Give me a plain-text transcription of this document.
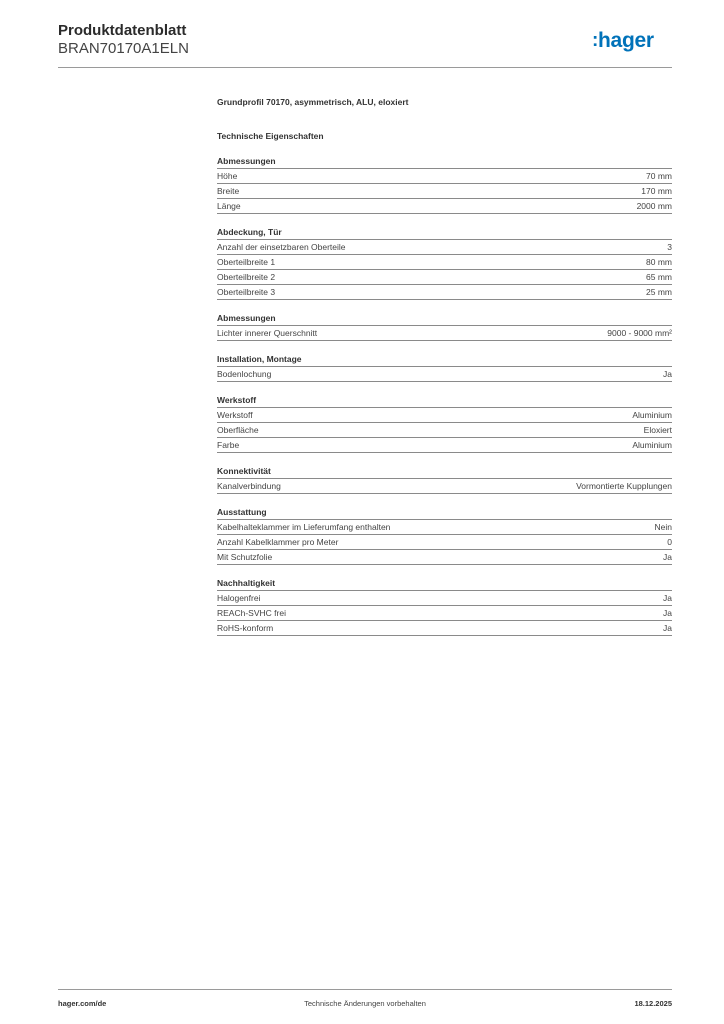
Produktdatenblatt
BRAN70170A1ELN	:hager
Grundprofil 70170, asymmetrisch, ALU, eloxiert
Technische Eigenschaften
Abmessungen
Höhe	70 mm
Breite	170 mm
Länge	2000 mm
Abdeckung, Tür
Anzahl der einsetzbaren Oberteile	3
Oberteilbreite 1	80 mm
Oberteilbreite 2	65 mm
Oberteilbreite 3	25 mm
Abmessungen
Lichter innerer Querschnitt	9000 - 9000 mm²
Installation, Montage
Bodenlochung	Ja
Werkstoff
Werkstoff	Aluminium
Oberfläche	Eloxiert
Farbe	Aluminium
Konnektivität
Kanalverbindung	Vormontierte Kupplungen
Ausstattung
Kabelhalteklammer im Lieferumfang enthalten	Nein
Anzahl Kabelklammer pro Meter	0
Mit Schutzfolie	Ja
Nachhaltigkeit
Halogenfrei	Ja
REACh-SVHC frei	Ja
RoHS-konform	Ja
hager.com/de	Technische Änderungen vorbehalten	18.12.2025
